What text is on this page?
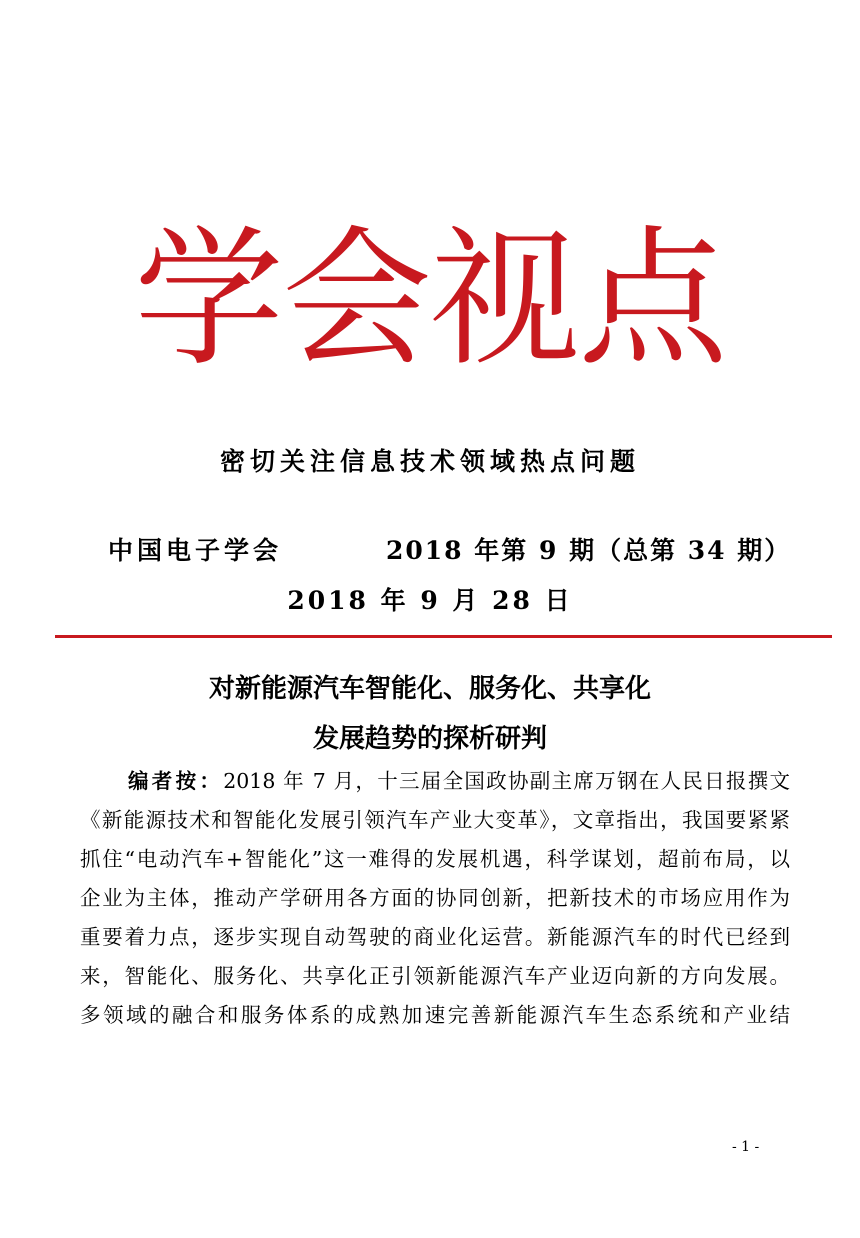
学会视点
密切关注信息技术领域热点问题
中国电子学会	2018 年第 9 期（总第 34 期）
2018 年 9 月 28 日
对新能源汽车智能化、服务化、共享化
发展趋势的探析研判
编者按：2018 年 7 月，十三届全国政协副主席万钢在人民日报撰文
《新能源技术和智能化发展引领汽车产业大变革》，文章指出，我国要紧紧
抓住“电动汽车+智能化”这一难得的发展机遇，科学谋划，超前布局，以
企业为主体，推动产学研用各方面的协同创新，把新技术的市场应用作为
重要着力点，逐步实现自动驾驶的商业化运营。新能源汽车的时代已经到
来，智能化、服务化、共享化正引领新能源汽车产业迈向新的方向发展。
多领域的融合和服务体系的成熟加速完善新能源汽车生态系统和产业结
- 1 -
